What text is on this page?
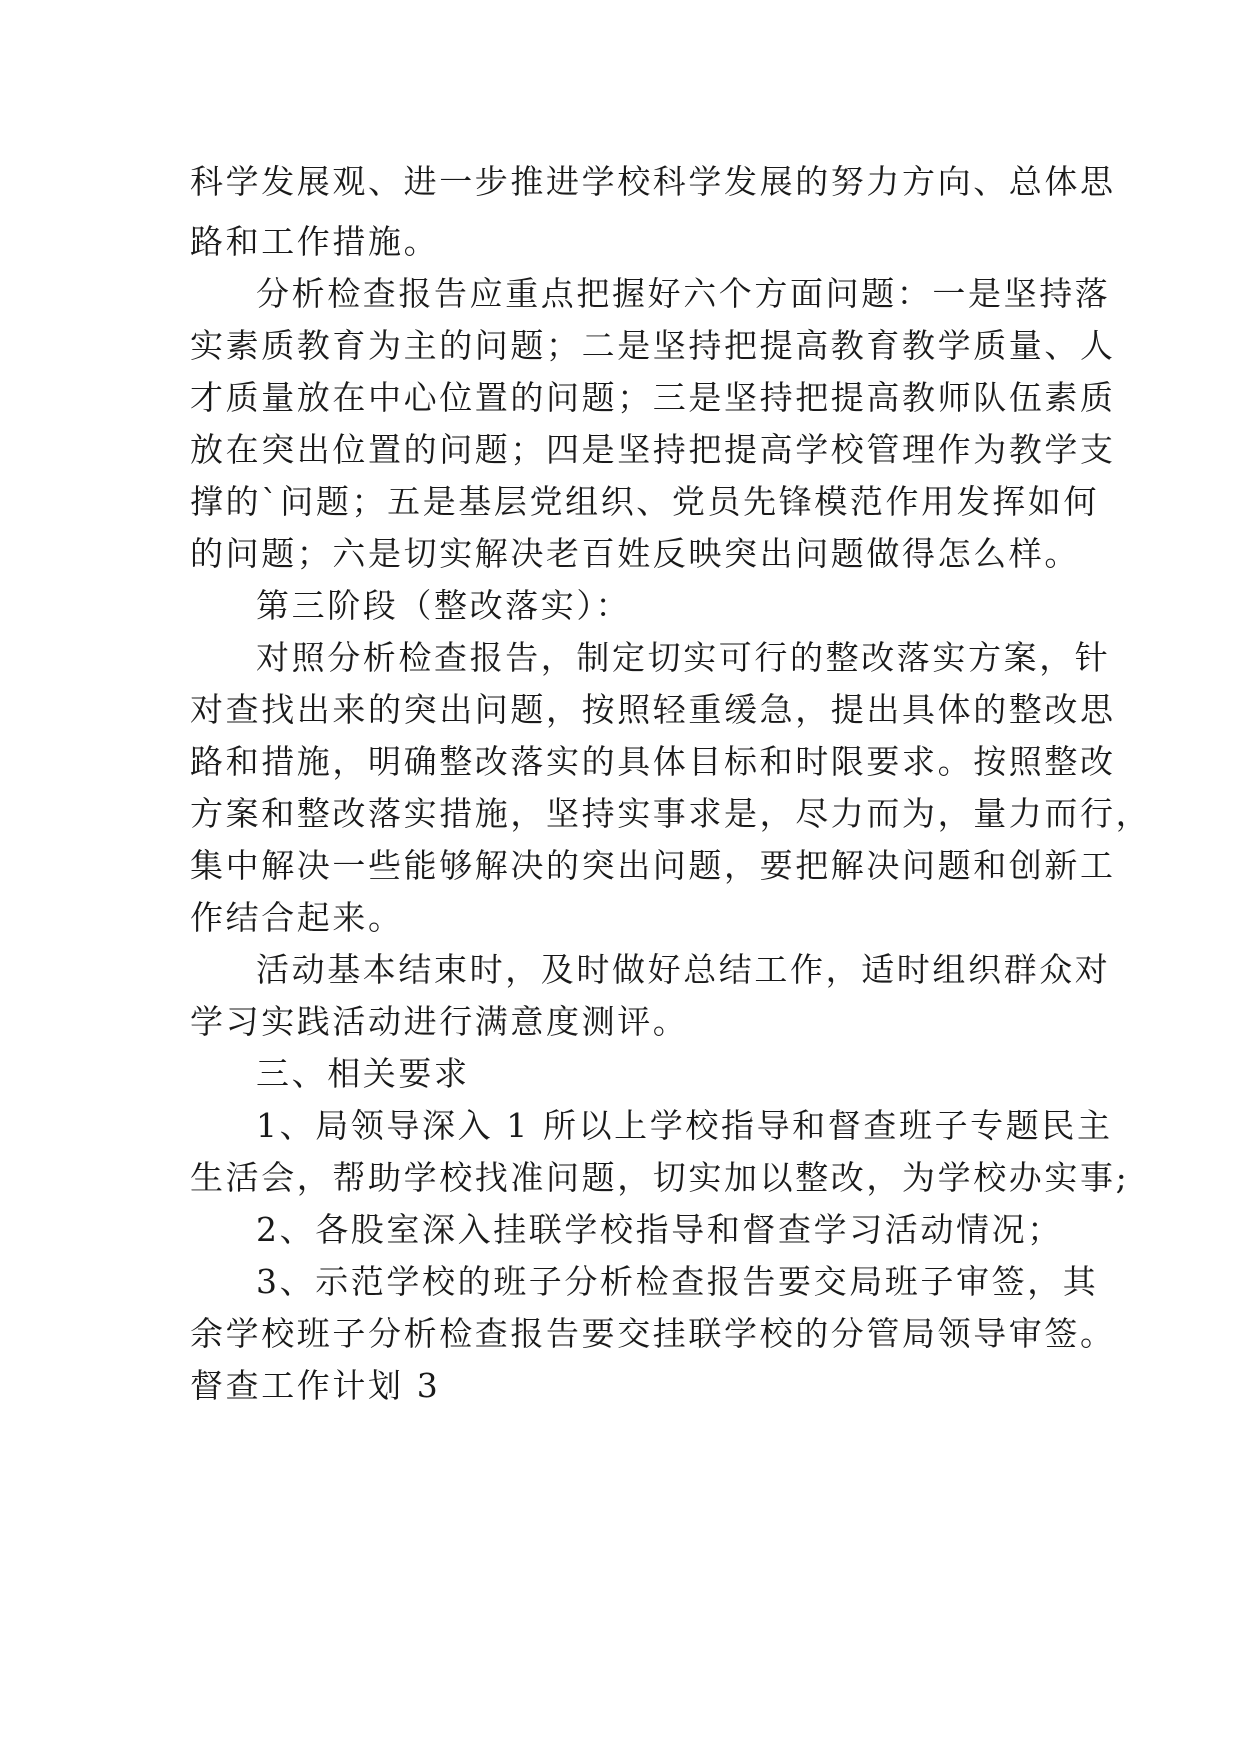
科学发展观、进一步推进学校科学发展的努力方向、总体思
路和工作措施。
分析检查报告应重点把握好六个方面问题：一是坚持落
实素质教育为主的问题；二是坚持把提高教育教学质量、人
才质量放在中心位置的问题；三是坚持把提高教师队伍素质
放在突出位置的问题；四是坚持把提高学校管理作为教学支
撑的`问题；五是基层党组织、党员先锋模范作用发挥如何
的问题；六是切实解决老百姓反映突出问题做得怎么样。
第三阶段（整改落实）：
对照分析检查报告，制定切实可行的整改落实方案，针
对查找出来的突出问题，按照轻重缓急，提出具体的整改思
路和措施，明确整改落实的具体目标和时限要求。按照整改
方案和整改落实措施，坚持实事求是，尽力而为，量力而行，
集中解决一些能够解决的突出问题，要把解决问题和创新工
作结合起来。
活动基本结束时，及时做好总结工作，适时组织群众对
学习实践活动进行满意度测评。
三、相关要求
1、局领导深入 1 所以上学校指导和督查班子专题民主
生活会，帮助学校找准问题，切实加以整改，为学校办实事;
2、各股室深入挂联学校指导和督查学习活动情况；
3、示范学校的班子分析检查报告要交局班子审签，其
余学校班子分析检查报告要交挂联学校的分管局领导审签。
督查工作计划 3
